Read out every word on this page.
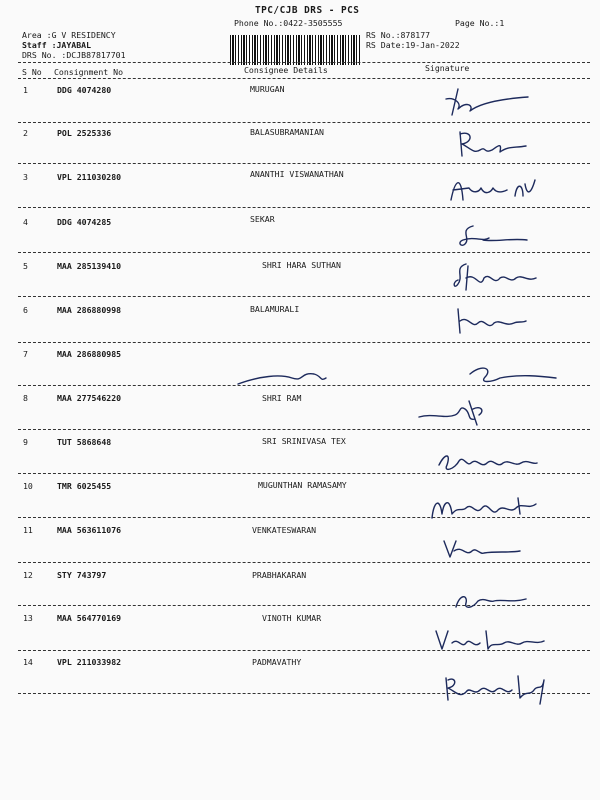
TPC/CJB DRS - PCS
Phone No.:0422-3505555	Page No.:1
Area :G V RESIDENCY
Staff :JAYABAL
DRS No. :DCJB87817701
RS No.:878177
RS Date:19-Jan-2022
S No Consignment No	Consignee Details	Signature
1	DDG 4074280	MURUGAN
2	POL 2525336	BALASUBRAMANIAN
3	VPL 211030280	ANANTHI VISWANATHAN
4	DDG 4074285	SEKAR
5	MAA 285139410	SHRI HARA SUTHAN
6	MAA 286880998	BALAMURALI
7	MAA 286880985
8	MAA 277546220	SHRI RAM
9	TUT 5868648	SRI SRINIVASA TEX
10	TMR 6025455	MUGUNTHAN RAMASAMY
11	MAA 563611076	VENKATESWARAN
12	STY 743797	PRABHAKARAN
13	MAA 564770169	VINOTH KUMAR
14	VPL 211033982	PADMAVATHY
